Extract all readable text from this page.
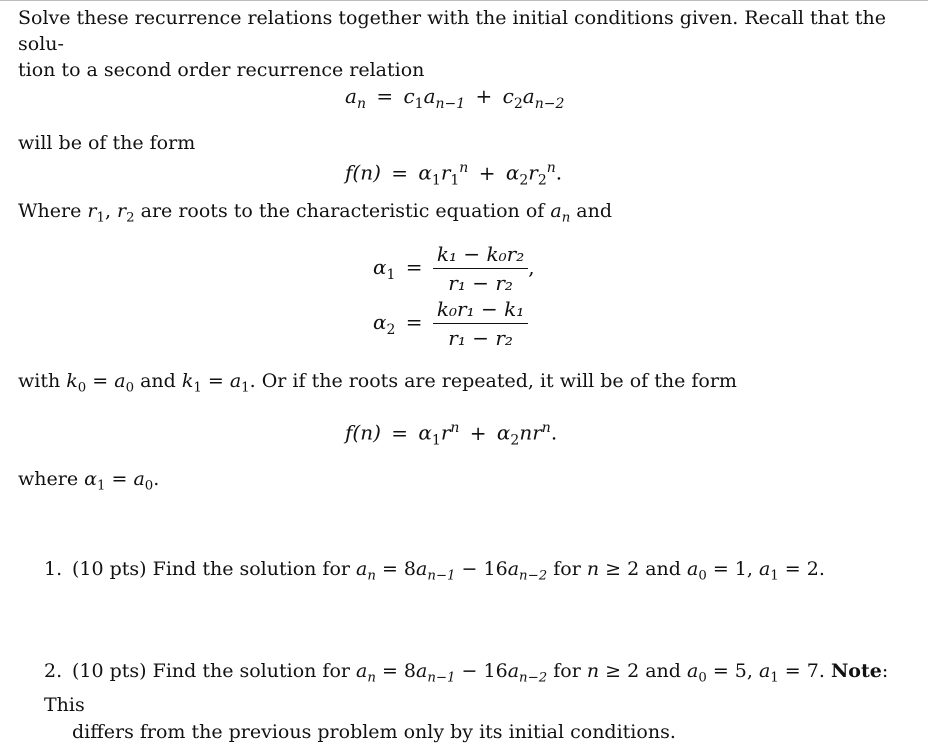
Solve these recurrence relations together with the initial conditions given. Recall that the solu-
tion to a second order recurrence relation
$a_n = c_1a_{n-1} + c_2a_{n-2}$
will be of the form
$f(n) = \alpha_1r_1^n + \alpha_2r_2^n$.
Where $r_1$, $r_2$ are roots to the characteristic equation of $a_n$ and
$\alpha_1 = \frac{\text{k₁ − k₀r₂}}{\text{r₁ − r₂}}$ ,
$\alpha_2 = \frac{\text{k₀r₁ − k₁}}{\text{r₁ − r₂}}$
with $k_0 = a_0$ and $k_1 = a_1$. Or if the roots are repeated, it will be of the form
$f(n) = \alpha_1r^n + \alpha_2nr^n$.
where $\alpha_1 = a_0$.
1. (10 pts) Find the solution for $a_n = 8a_{n-1} - 16a_{n-2}$ for n ≥ 2 and $a_0 = 1$, $a_1 = 2$.
2. (10 pts) Find the solution for $a_n = 8a_{n-1} - 16a_{n-2}$ for n ≥ 2 and $a_0 = 5$, $a_1 = 7$. Note: This
differs from the previous problem only by its initial conditions.
